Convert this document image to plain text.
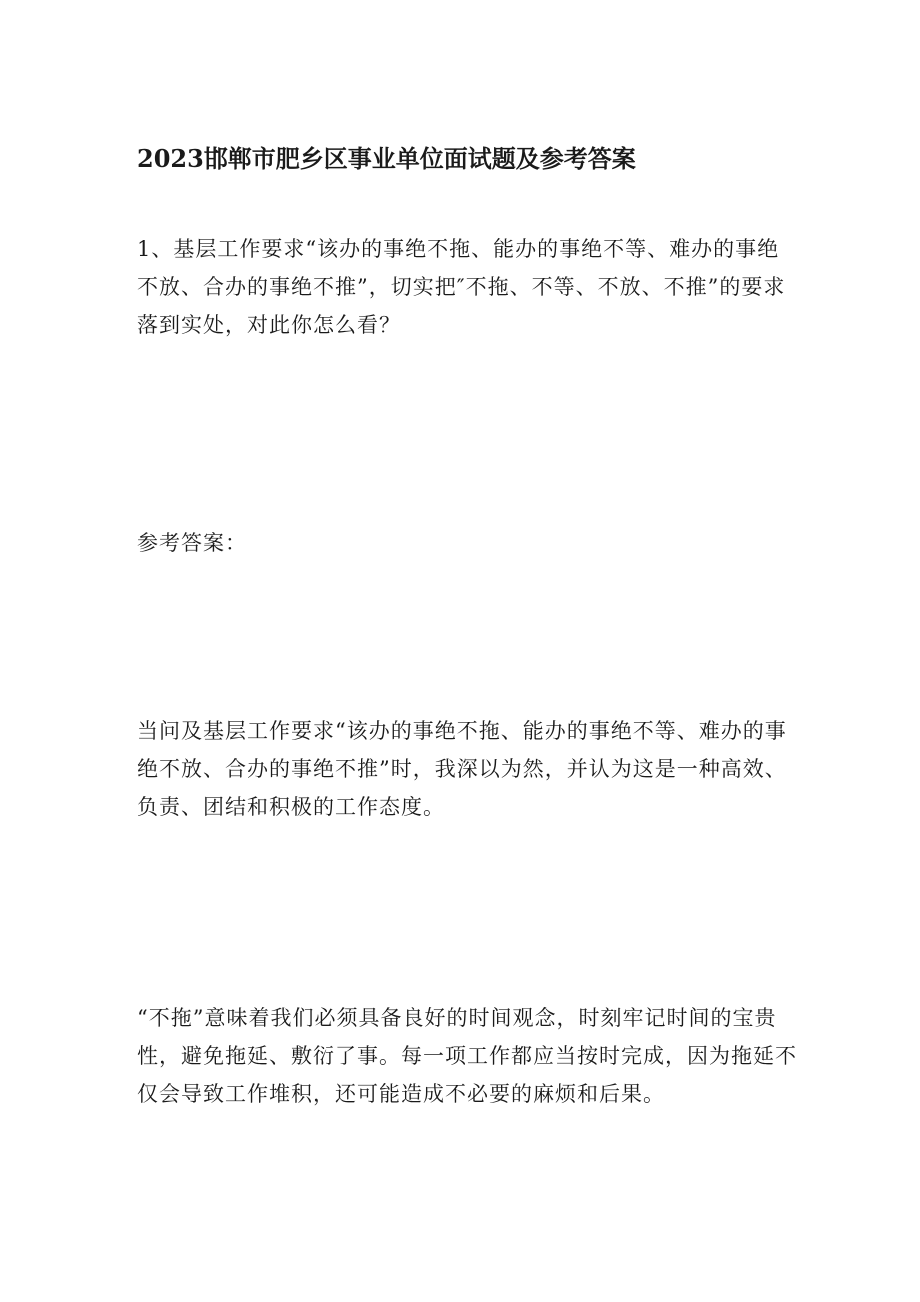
2023邯郸市肥乡区事业单位面试题及参考答案

1、基层工作要求“该办的事绝不拖、能办的事绝不等、难办的事绝不放、合办的事绝不推”，切实把″不拖、不等、不放、不推”的要求落到实处，对此你怎么看？

参考答案：

当问及基层工作要求“该办的事绝不拖、能办的事绝不等、难办的事绝不放、合办的事绝不推”时，我深以为然，并认为这是一种高效、负责、团结和积极的工作态度。

“不拖”意味着我们必须具备良好的时间观念，时刻牢记时间的宝贵性，避免拖延、敷衍了事。每一项工作都应当按时完成，因为拖延不仅会导致工作堆积，还可能造成不必要的麻烦和后果。
